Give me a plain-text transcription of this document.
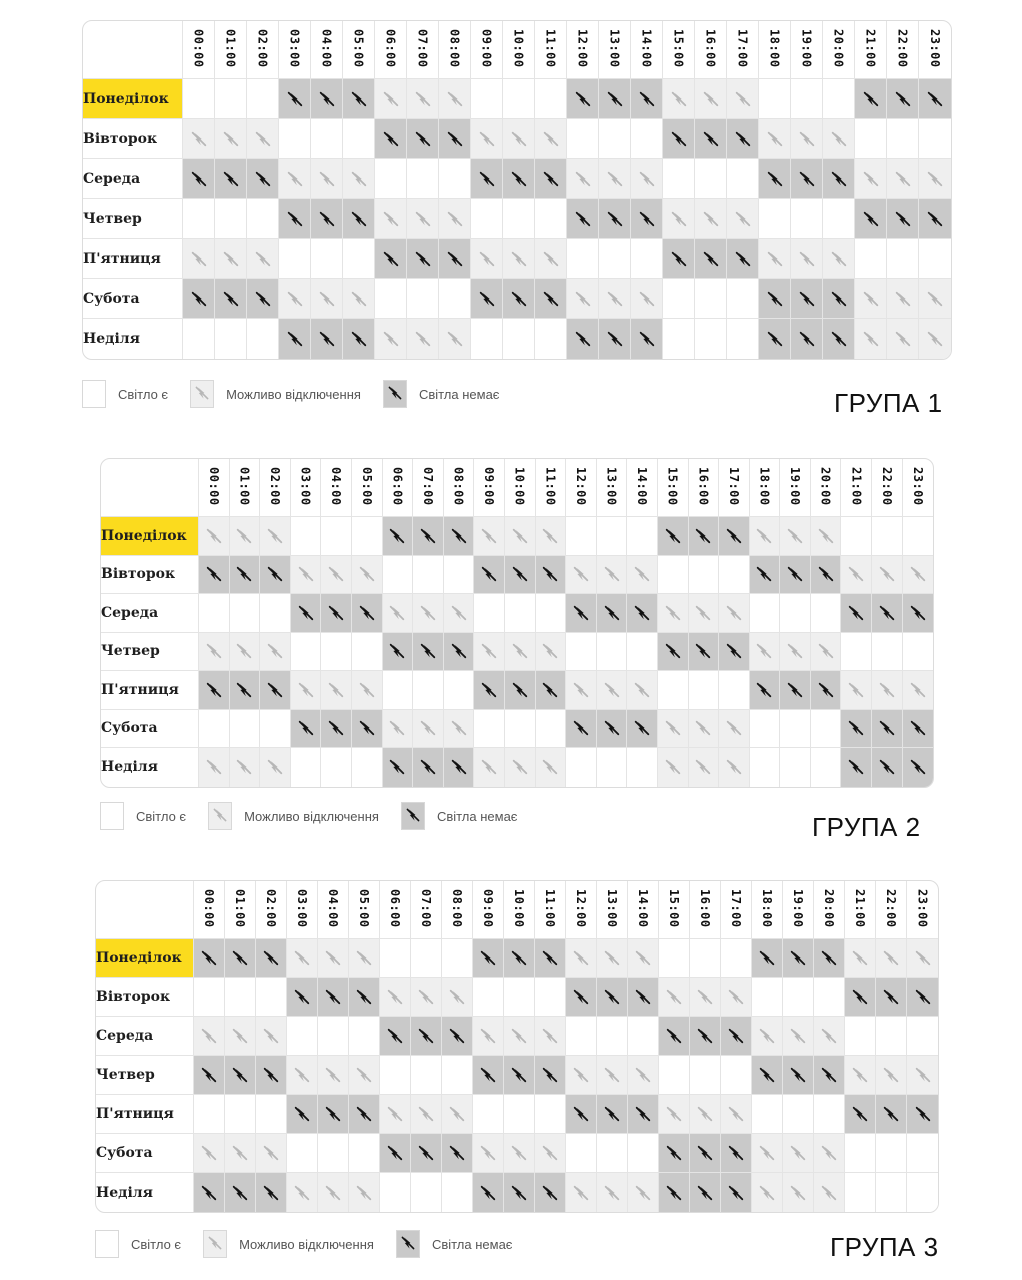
	00:00	01:00	02:00	03:00	04:00	05:00	06:00	07:00	08:00	09:00	10:00	11:00	12:00	13:00	14:00	15:00	16:00	17:00	18:00	19:00	20:00	21:00	22:00	23:00
Понеділок				

Вівторок	

Середа	

Четвер				

П'ятниця	

Субота	

Неділя				

Світло є	Можливо відключення	Світла немає	ГРУПА 1
	00:00	01:00	02:00	03:00	04:00	05:00	06:00	07:00	08:00	09:00	10:00	11:00	12:00	13:00	14:00	15:00	16:00	17:00	18:00	19:00	20:00	21:00	22:00	23:00
Понеділок	

Вівторок	

Середа				

Четвер	

П'ятниця	

Субота				

Неділя	

Світло є	Можливо відключення	Світла немає	ГРУПА 2
	00:00	01:00	02:00	03:00	04:00	05:00	06:00	07:00	08:00	09:00	10:00	11:00	12:00	13:00	14:00	15:00	16:00	17:00	18:00	19:00	20:00	21:00	22:00	23:00
Понеділок	

Вівторок				

Середа	

Четвер	

П'ятниця				

Субота	

Неділя	

Світло є	Можливо відключення	Світла немає	ГРУПА 3
